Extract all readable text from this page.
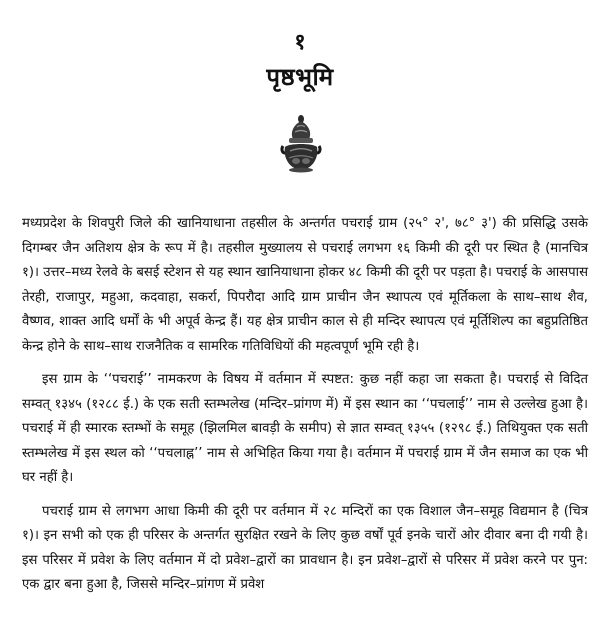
१
पृष्ठभूमि

मध्यप्रदेश के शिवपुरी जिले की खानियाधाना तहसील के अन्तर्गत पचराई ग्राम (२५° २', ७८° ३') की प्रसिद्धि उसके दिगम्बर जैन अतिशय क्षेत्र के रूप में है। तहसील मुख्यालय से पचराई लगभग १६ किमी की दूरी पर स्थित है (मानचित्र १)। उत्तर–मध्य रेलवे के बसई स्टेशन से यह स्थान खानियाधाना होकर ४८ किमी की दूरी पर पड़ता है। पचराई के आसपास तेरही, राजापुर, महुआ, कदवाहा, सकर्रा, पिपरौदा आदि ग्राम प्राचीन जैन स्थापत्य एवं मूर्तिकला के साथ–साथ शैव, वैष्णव, शाक्त आदि धर्मों के भी अपूर्व केन्द्र हैं। यह क्षेत्र प्राचीन काल से ही मन्दिर स्थापत्य एवं मूर्तिशिल्प का बहुप्रतिष्ठित केन्द्र होने के साथ–साथ राजनैतिक व सामरिक गतिविधियों की महत्वपूर्ण भूमि रही है।

इस ग्राम के ‘‘पचराई’’ नामकरण के विषय में वर्तमान में स्पष्टत: कुछ नहीं कहा जा सकता है। पचराई से विदित सम्वत् १३४५ (१२८८ ई.) के एक सती स्तम्भलेख (मन्दिर–प्रांगण में) में इस स्थान का ‘‘पचलाई’’ नाम से उल्लेख हुआ है। पचराई में ही स्मारक स्तम्भों के समूह (झिलमिल बावड़ी के समीप) से ज्ञात सम्वत् १३५५ (१२९८ ई.) तिथियुक्त एक सती स्तम्भलेख में इस स्थल को ‘‘पचलाह्न’’ नाम से अभिहित किया गया है। वर्तमान में पचराई ग्राम में जैन समाज का एक भी घर नहीं है।

पचराई ग्राम से लगभग आधा किमी की दूरी पर वर्तमान में २८ मन्दिरों का एक विशाल जैन–समूह विद्यमान है (चित्र १)। इन सभी को एक ही परिसर के अन्तर्गत सुरक्षित रखने के लिए कुछ वर्षों पूर्व इनके चारों ओर दीवार बना दी गयी है। इस परिसर में प्रवेश के लिए वर्तमान में दो प्रवेश–द्वारों का प्रावधान है। इन प्रवेश–द्वारों से परिसर में प्रवेश करने पर पुन: एक द्वार बना हुआ है, जिससे मन्दिर–प्रांगण में प्रवेश
